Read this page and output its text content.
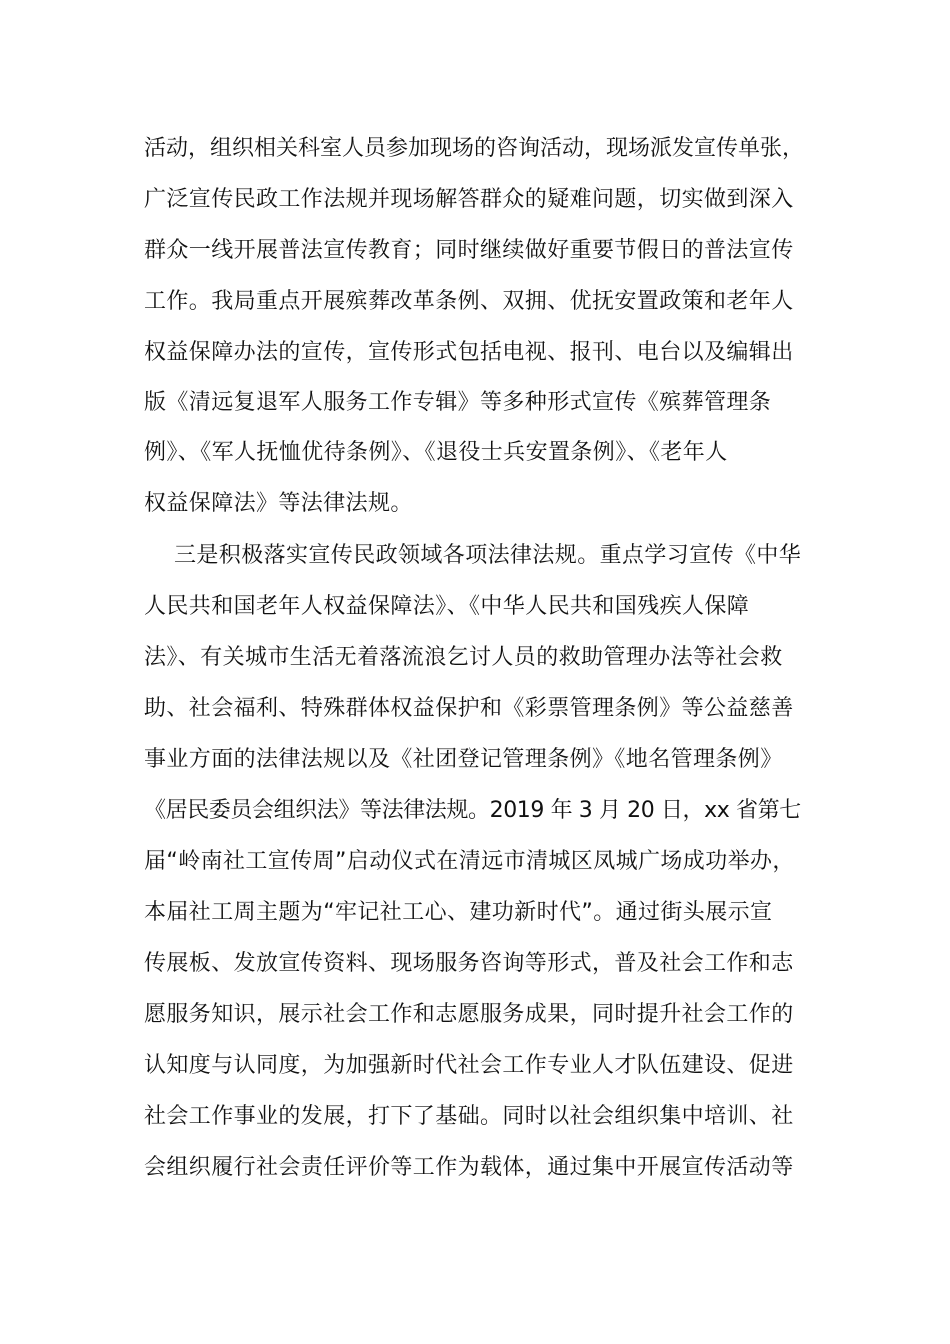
活动，组织相关科室人员参加现场的咨询活动，现场派发宣传单张，
广泛宣传民政工作法规并现场解答群众的疑难问题，切实做到深入
群众一线开展普法宣传教育；同时继续做好重要节假日的普法宣传
工作。我局重点开展殡葬改革条例、双拥、优抚安置政策和老年人
权益保障办法的宣传，宣传形式包括电视、报刊、电台以及编辑出
版《清远复退军人服务工作专辑》等多种形式宣传《殡葬管理条
例》、《军人抚恤优待条例》、《退役士兵安置条例》、《老年人
权益保障法》等法律法规。
三是积极落实宣传民政领域各项法律法规。重点学习宣传《中华
人民共和国老年人权益保障法》、《中华人民共和国残疾人保障
法》、有关城市生活无着落流浪乞讨人员的救助管理办法等社会救
助、社会福利、特殊群体权益保护和《彩票管理条例》等公益慈善
事业方面的法律法规以及《社团登记管理条例》《地名管理条例》
《居民委员会组织法》等法律法规。2019 年 3 月 20 日，xx 省第七
届“岭南社工宣传周”启动仪式在清远市清城区凤城广场成功举办，
本届社工周主题为“牢记社工心、建功新时代”。通过街头展示宣
传展板、发放宣传资料、现场服务咨询等形式，普及社会工作和志
愿服务知识，展示社会工作和志愿服务成果，同时提升社会工作的
认知度与认同度，为加强新时代社会工作专业人才队伍建设、促进
社会工作事业的发展，打下了基础。同时以社会组织集中培训、社
会组织履行社会责任评价等工作为载体，通过集中开展宣传活动等
